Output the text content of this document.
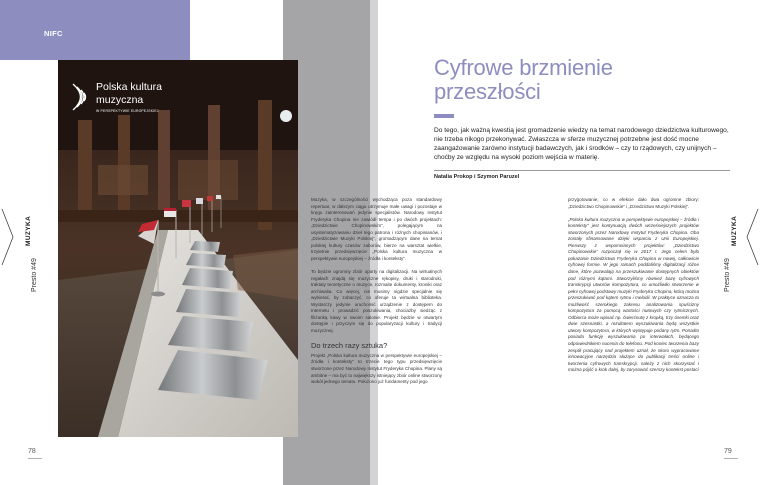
NIFC
Polska kultura
muzyczna
W PERSPEKTYWIE EUROPEJSKIEJ
MUZYKA
Presto #49
78
Cyfrowe brzmienie
przeszłości
Do tego, jak ważną kwestią jest gromadzenie wiedzy na temat narodowego dziedzictwa kulturowego, nie trzeba nikogo przekonywać. Zwłaszcza w sferze muzycznej potrzebne jest dość mocne zaangażowanie zarówno instytucji badawczych, jak i środków – czy to rządowych, czy unijnych – choćby ze względu na wysoki poziom wejścia w materię.
Natalia Prokop i Szymon Paruzel

Muzyka, w szczególności wychodząca poza standardowy repertuar, w dalszym ciągu utrzymuje małe uwagi i pozostaje w kręgu zainteresowań jedynie specjalistów. Narodowy Instytut Fryderyka Chopina nie zawiódł tempa i po dwóch projektach: „Dziedzictwie Chopinowskim”, polegającym na usystematyzowaniu dzieł tego patrona i różnych chopinianów, i „Dziedzictwie Muzyki Polskiej”, gromadzącym dane na temat polskiej kultury czasów zaborów, bierze na warsztat wielkie, trzyletnie przedsięwzięcie „Polska kultura muzyczna w perspektywie europejskiej – źródła i konteksty”.

To będzie ogromny zbiór oparty na digitalizacji. Na wirtualnych regałach znajdą się muzyczne rękopisy, druki i starodruki, traktaty teoretyczne o muzyce, rozmaite dokumenty, kroniki oraz archiwalia. Co więcej, nie musimy nigdzie specjalnie się wybierać, by zobaczyć, co oferuje ta wirtualna biblioteka. Wystarczy jedynie uruchomić urządzenie z dostępem do Internetu i prowadzić poszukiwania, chociażby siedząc z filiżanką kawy w swoim salonie. Projekt będzie w otwartym dostępie i przyczyni się do popularyzacji kultury i tradycji muzycznej.

Do trzech razy sztuka?

Projekt „Polska kultura muzyczna w perspektywie europejskiej – źródła i konteksty” to trzecie tego typu przedsięwzięcie stworzone przez Narodowy Instytut Fryderyka Chopina. Plany są ambitne – ma być to największy istniejący zbiór online stworzony wokół jednego tematu. Położono już fundamenty pod jego

przygotowanie, co w efekcie dało dwa ogromne zbiory: „Dziedzictwo Chopinowskie” i „Dziedzictwo Muzyki Polskiej”.

„Polska kultura muzyczna w perspektywie europejskiej – źródła i konteksty” jest kontynuacją dwóch wcześniejszych projektów stworzonych przez Narodowy Instytut Fryderyka Chopina. Oba zostały sfinansowane dzięki wsparciu z Unii Europejskiej. Pierwszy z wspomnianych projektów: „Dziedzictwo Chopinowskie” rozpoczął się w 2017 r. Jego celem było pokazanie Dziedzictwa Fryderyka Chopina w nowej, całkowicie cyfrowej formie. W jego ramach poddaliśmy digitalizacji różne dane, które pozwalają na przeszukiwanie dostępnych obiektów pod różnymi kątami. Stworzyliśmy również bazę cyfrowych transkrypcji utworów kompozytora, co umożliwiło stworzenie w pełni cyfrowej podstawy muzyki Fryderyka Chopina, którą można przeszukiwać pod kątem rytmu i melodii. W praktyce oznacza to możliwość szerokiego zakresu analizowania spuścizny kompozytora za pomocą wartości nutowych czy rytmicznych. Odbiorca może wpisać np. ćwierćnutę z kropką, trzy ósemki oraz dwie szesnastki, a rezultatem wyszukiwania będą wszystkie utwory kompozytora, w których występuje podany rytm. Ponadto posiada funkcję wyszukiwania po interwałach, będącego odpowiednikiem nucenia do telefonu. Pod koniec tworzenia bazy zespół pracujący nad projektem uznał, że skoro wypracowane innowacyjne narzędzia służące do publikacji treści online i tworzenia cyfrowych transkrypcji, należy z nich skorzystać i można pójść o krok dalej, by zarysować szerszy kontekst postaci

MUZYKA
Presto #49
79
